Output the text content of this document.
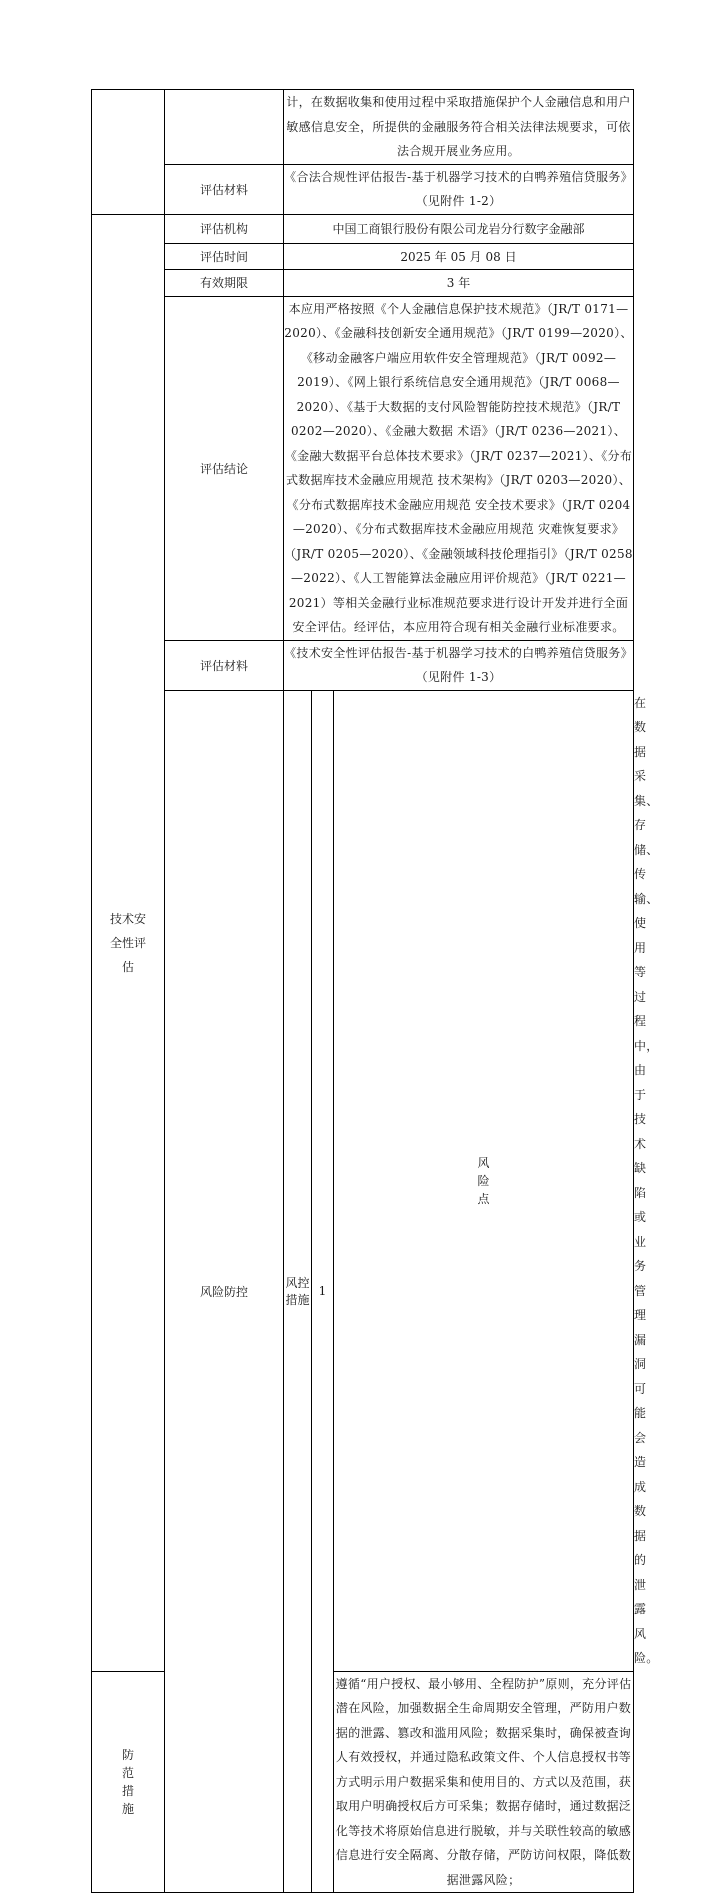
		计，在数据收集和使用过程中采取措施保护个人金融信息和用户敏感信息安全，所提供的金融服务符合相关法律法规要求，可依法合规开展业务应用。			
	评估材料	《合法合规性评估报告-基于机器学习技术的白鸭养殖信贷服务》（见附件 1-2）			

技术安全性评估	评估机构	中国工商银行股份有限公司龙岩分行数字金融部			
	评估时间	2025 年 05 月 08 日			
	有效期限	3 年			
	评估结论	本应用严格按照《个人金融信息保护技术规范》（JR/T 0171—2020）、《金融科技创新安全通用规范》（JR/T 0199—2020）、《移动金融客户端应用软件安全管理规范》（JR/T 0092—2019）、《网上银行系统信息安全通用规范》（JR/T 0068—2020）、《基于大数据的支付风险智能防控技术规范》（JR/T 0202—2020）、《金融大数据 术语》（JR/T 0236—2021）、《金融大数据平台总体技术要求》（JR/T 0237—2021）、《分布式数据库技术金融应用规范 技术架构》（JR/T 0203—2020）、《分布式数据库技术金融应用规范 安全技术要求》（JR/T 0204—2020）、《分布式数据库技术金融应用规范 灾难恢复要求》（JR/T 0205—2020）、《金融领域科技伦理指引》（JR/T 0258—2022）、《人工智能算法金融应用评价规范》（JR/T 0221—2021）等相关金融行业标准规范要求进行设计开发并进行全面安全评估。经评估，本应用符合现有相关金融行业标准要求。			
	评估材料	《技术安全性评估报告-基于机器学习技术的白鸭养殖信贷服务》（见附件 1-3）			
	风险防控	风控措施	1	风险点	在数据采集、存储、传输、使用等过程中，由于技术缺陷或业务管理漏洞可能会造成数据的泄露风险。

防范措施				遵循“用户授权、最小够用、全程防护”原则，充分评估潜在风险，加强数据全生命周期安全管理，严防用户数据的泄露、篡改和滥用风险；数据采集时，确保被查询人有效授权，并通过隐私政策文件、个人信息授权书等方式明示用户数据采集和使用目的、方式以及范围，获取用户明确授权后方可采集；数据存储时，通过数据泛化等技术将原始信息进行脱敏，并与关联性较高的敏感信息进行安全隔离、分散存储，严防访问权限，降低数据泄露风险；	
